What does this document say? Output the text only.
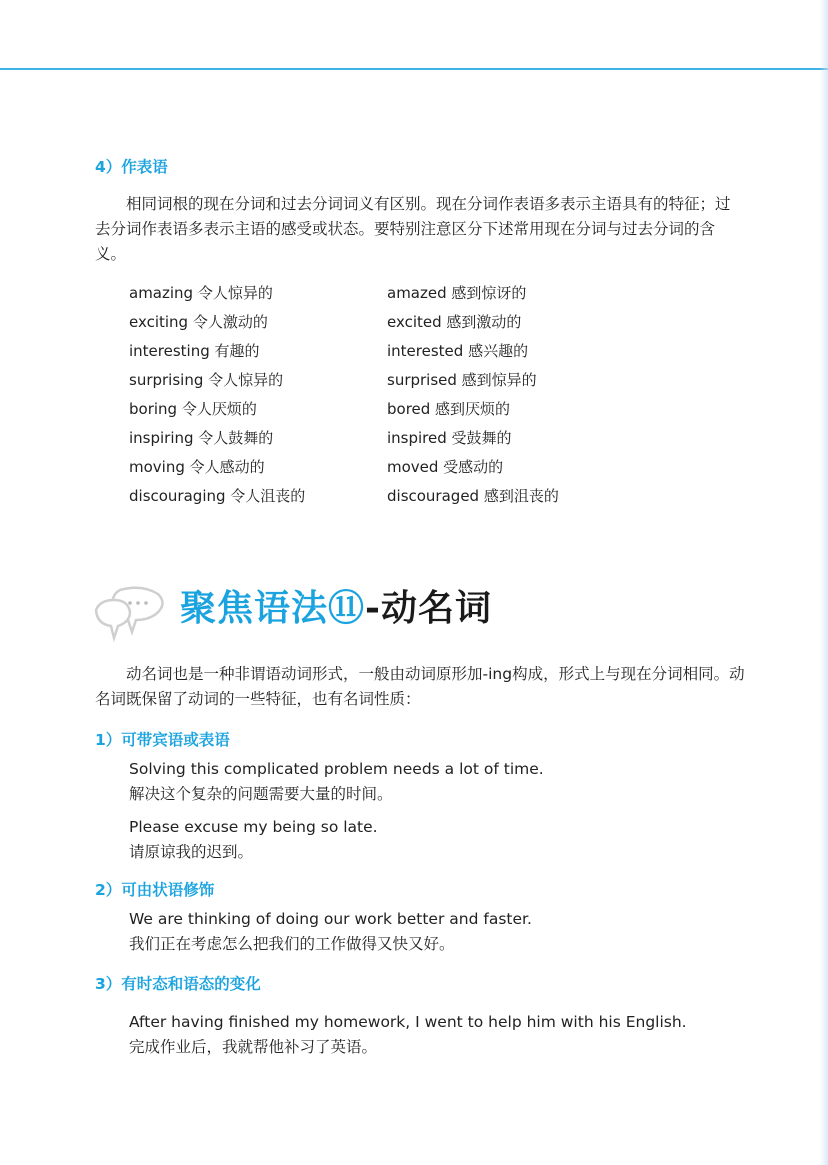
4）作表语
相同词根的现在分词和过去分词词义有区别。现在分词作表语多表示主语具有的特征；过去分词作表语多表示主语的感受或状态。要特别注意区分下述常用现在分词与过去分词的含义。
amazing 令人惊异的	amazed 感到惊讶的
exciting 令人激动的	excited 感到激动的
interesting 有趣的	interested 感兴趣的
surprising 令人惊异的	surprised 感到惊异的
boring 令人厌烦的	bored 感到厌烦的
inspiring 令人鼓舞的	inspired 受鼓舞的
moving 令人感动的	moved 受感动的
discouraging 令人沮丧的	discouraged 感到沮丧的
聚焦语法⑪-动名词
动名词也是一种非谓语动词形式，一般由动词原形加-ing构成，形式上与现在分词相同。动名词既保留了动词的一些特征，也有名词性质：
1）可带宾语或表语
Solving this complicated problem needs a lot of time.
解决这个复杂的问题需要大量的时间。
Please excuse my being so late.
请原谅我的迟到。
2）可由状语修饰
We are thinking of doing our work better and faster.
我们正在考虑怎么把我们的工作做得又快又好。
3）有时态和语态的变化
After having finished my homework, I went to help him with his English.
完成作业后，我就帮他补习了英语。
